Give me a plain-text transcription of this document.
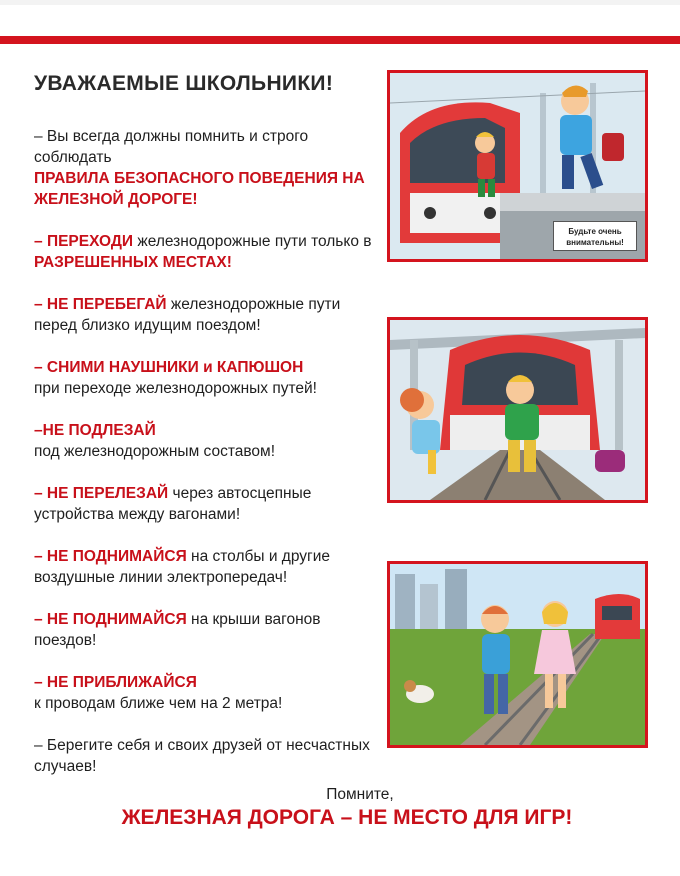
УВАЖАЕМЫЕ ШКОЛЬНИКИ!
– Вы всегда должны помнить и строго соблюдать
ПРАВИЛА БЕЗОПАСНОГО ПОВЕДЕНИЯ НА ЖЕЛЕЗНОЙ ДОРОГЕ!
– ПЕРЕХОДИ железнодорожные пути только в РАЗРЕШЕННЫХ МЕСТАХ!
– НЕ ПЕРЕБЕГАЙ железнодорожные пути перед близко идущим поездом!
– СНИМИ НАУШНИКИ и КАПЮШОН
при переходе железнодорожных путей!
–НЕ ПОДЛЕЗАЙ
под железнодорожным составом!
– НЕ ПЕРЕЛЕЗАЙ через автосцепные устройства между вагонами!
– НЕ ПОДНИМАЙСЯ на столбы и другие воздушные линии электропередач!
– НЕ ПОДНИМАЙСЯ на крыши вагонов поездов!
– НЕ ПРИБЛИЖАЙСЯ
к проводам ближе чем на 2 метра!
– Берегите себя и своих друзей от несчастных случаев!
Будьте очень внимательны!
Помните,
ЖЕЛЕЗНАЯ ДОРОГА – НЕ МЕСТО ДЛЯ ИГР!
